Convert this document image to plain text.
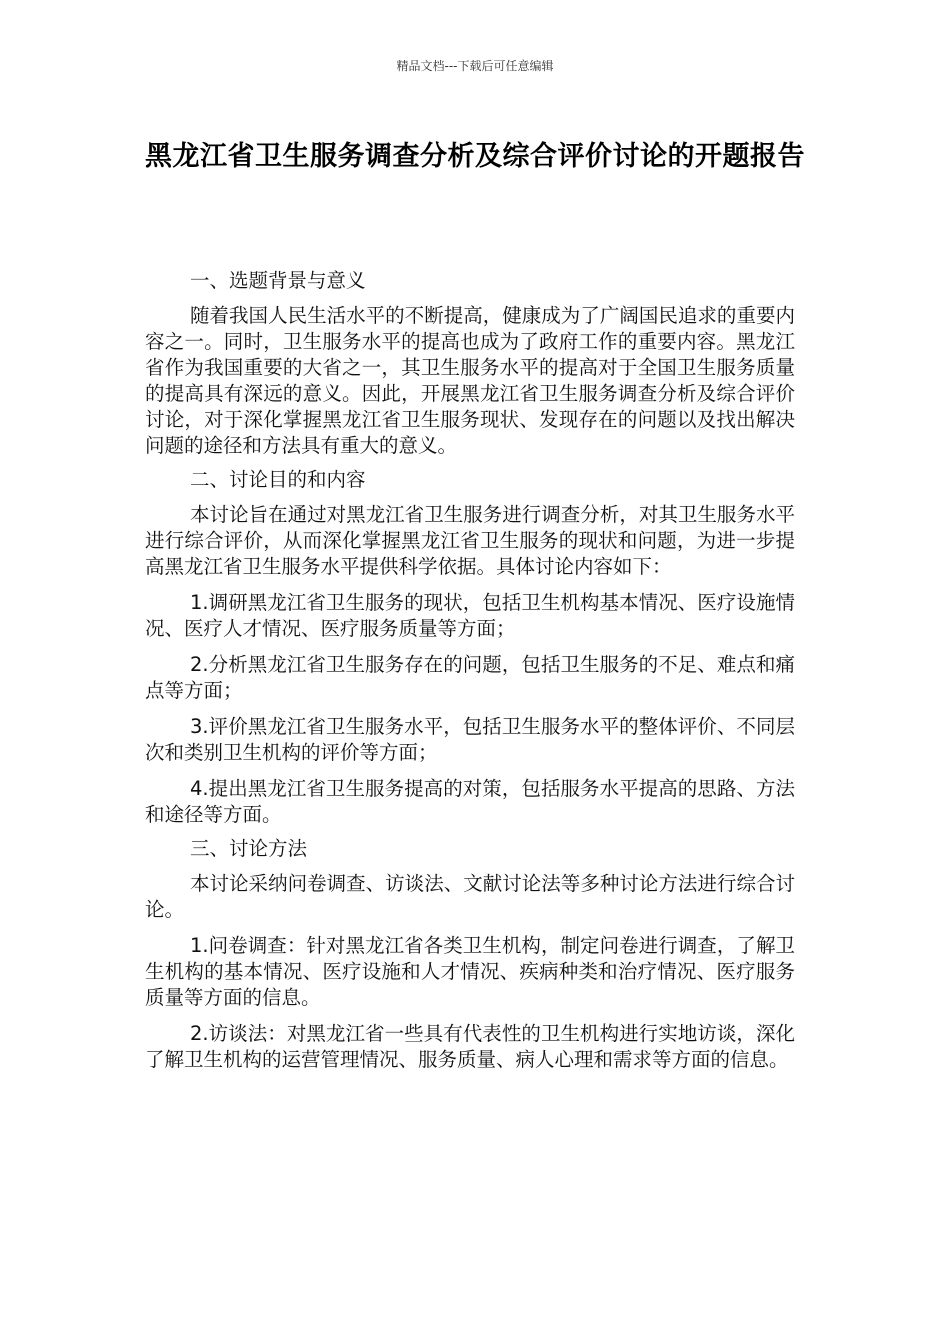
精品文档---下载后可任意编辑
黑龙江省卫生服务调查分析及综合评价讨论的开题报告

一、选题背景与意义

随着我国人民生活水平的不断提高，健康成为了广阔国民追求的重要内容之一。同时，卫生服务水平的提高也成为了政府工作的重要内容。黑龙江省作为我国重要的大省之一，其卫生服务水平的提高对于全国卫生服务质量的提高具有深远的意义。因此，开展黑龙江省卫生服务调查分析及综合评价讨论，对于深化掌握黑龙江省卫生服务现状、发现存在的问题以及找出解决问题的途径和方法具有重大的意义。

二、讨论目的和内容

本讨论旨在通过对黑龙江省卫生服务进行调查分析，对其卫生服务水平进行综合评价，从而深化掌握黑龙江省卫生服务的现状和问题，为进一步提高黑龙江省卫生服务水平提供科学依据。具体讨论内容如下：

1.调研黑龙江省卫生服务的现状，包括卫生机构基本情况、医疗设施情况、医疗人才情况、医疗服务质量等方面；

2.分析黑龙江省卫生服务存在的问题，包括卫生服务的不足、难点和痛点等方面；

3.评价黑龙江省卫生服务水平，包括卫生服务水平的整体评价、不同层次和类别卫生机构的评价等方面；

4.提出黑龙江省卫生服务提高的对策，包括服务水平提高的思路、方法和途径等方面。

三、讨论方法

本讨论采纳问卷调查、访谈法、文献讨论法等多种讨论方法进行综合讨论。

1.问卷调查：针对黑龙江省各类卫生机构，制定问卷进行调查，了解卫生机构的基本情况、医疗设施和人才情况、疾病种类和治疗情况、医疗服务质量等方面的信息。

2.访谈法：对黑龙江省一些具有代表性的卫生机构进行实地访谈，深化了解卫生机构的运营管理情况、服务质量、病人心理和需求等方面的信息。
